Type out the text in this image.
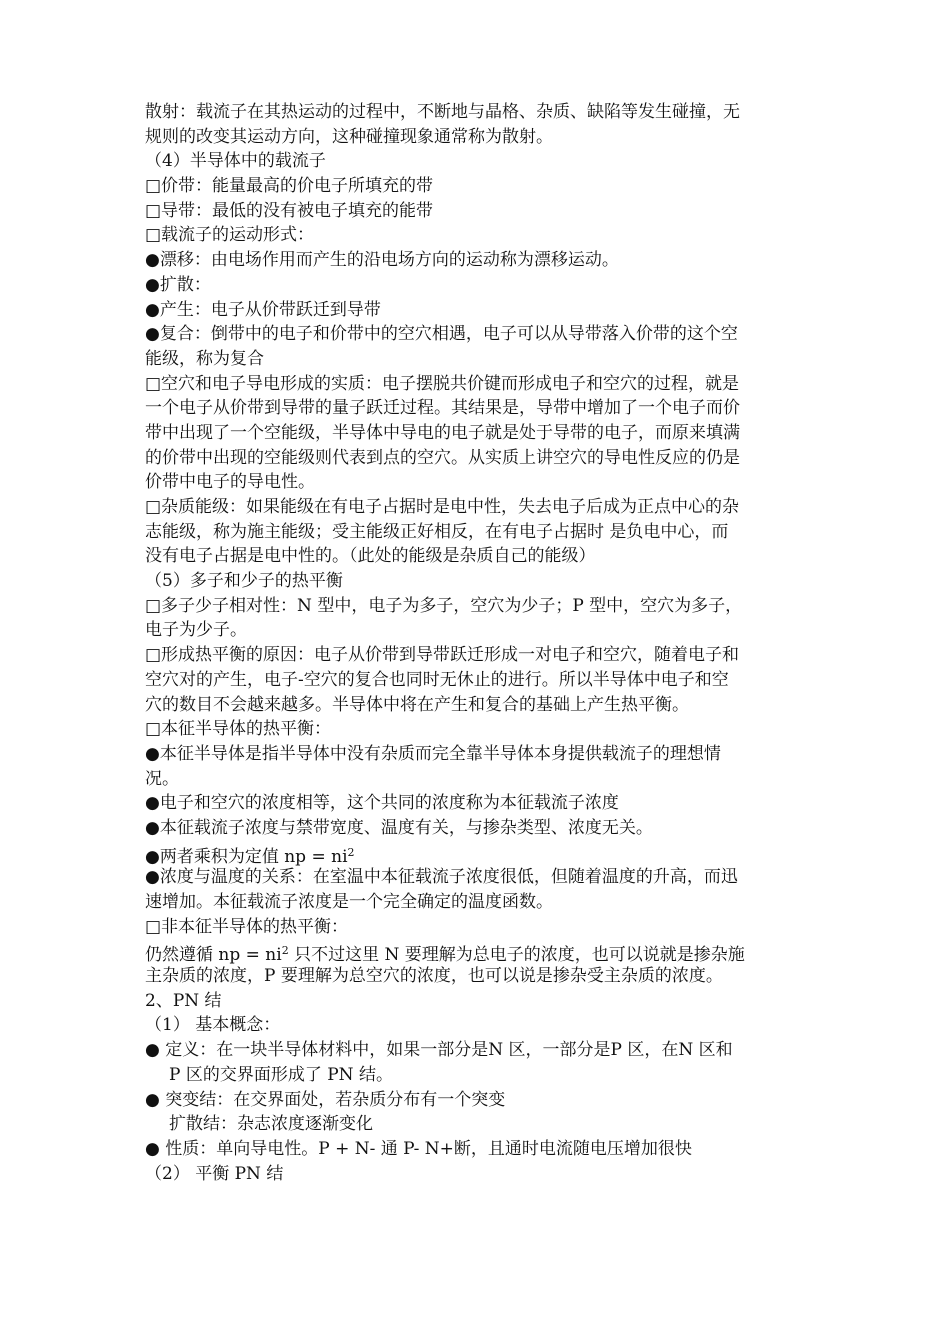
散射：载流子在其热运动的过程中，不断地与晶格、杂质、缺陷等发生碰撞，无
规则的改变其运动方向，这种碰撞现象通常称为散射。
（4）半导体中的载流子
□价带：能量最高的价电子所填充的带
□导带：最低的没有被电子填充的能带
□载流子的运动形式：
●漂移：由电场作用而产生的沿电场方向的运动称为漂移运动。
●扩散：
●产生：电子从价带跃迁到导带
●复合：倒带中的电子和价带中的空穴相遇，电子可以从导带落入价带的这个空
能级，称为复合
□空穴和电子导电形成的实质：电子摆脱共价键而形成电子和空穴的过程，就是
一个电子从价带到导带的量子跃迁过程。其结果是，导带中增加了一个电子而价
带中出现了一个空能级，半导体中导电的电子就是处于导带的电子，而原来填满
的价带中出现的空能级则代表到点的空穴。从实质上讲空穴的导电性反应的仍是
价带中电子的导电性。
□杂质能级：如果能级在有电子占据时是电中性，失去电子后成为正点中心的杂
志能级，称为施主能级；受主能级正好相反，在有电子占据时 是负电中心，而
没有电子占据是电中性的。（此处的能级是杂质自己的能级）
（5）多子和少子的热平衡
□多子少子相对性：N 型中，电子为多子，空穴为少子；P 型中，空穴为多子，
电子为少子。
□形成热平衡的原因：电子从价带到导带跃迁形成一对电子和空穴，随着电子和
空穴对的产生，电子-空穴的复合也同时无休止的进行。所以半导体中电子和空
穴的数目不会越来越多。半导体中将在产生和复合的基础上产生热平衡。
□本征半导体的热平衡：
●本征半导体是指半导体中没有杂质而完全靠半导体本身提供载流子的理想情
况。
●电子和空穴的浓度相等，这个共同的浓度称为本征载流子浓度
●本征载流子浓度与禁带宽度、温度有关，与掺杂类型、浓度无关。
●两者乘积为定值 np = $ni^2$
●浓度与温度的关系：在室温中本征载流子浓度很低，但随着温度的升高，而迅
速增加。本征载流子浓度是一个完全确定的温度函数。
□非本征半导体的热平衡：
仍然遵循 np = $ni^2$ 只不过这里 N 要理解为总电子的浓度，也可以说就是掺杂施
主杂质的浓度，P 要理解为总空穴的浓度，也可以说是掺杂受主杂质的浓度。
2、PN 结
（1） 基本概念：
● 定义：在一块半导体材料中，如果一部分是N 区，一部分是P 区，在N 区和
P 区的交界面形成了 PN 结。
● 突变结：在交界面处，若杂质分布有一个突变
扩散结：杂志浓度逐渐变化
● 性质：单向导电性。P + N- 通 P- N+断，且通时电流随电压增加很快
（2） 平衡 PN 结
